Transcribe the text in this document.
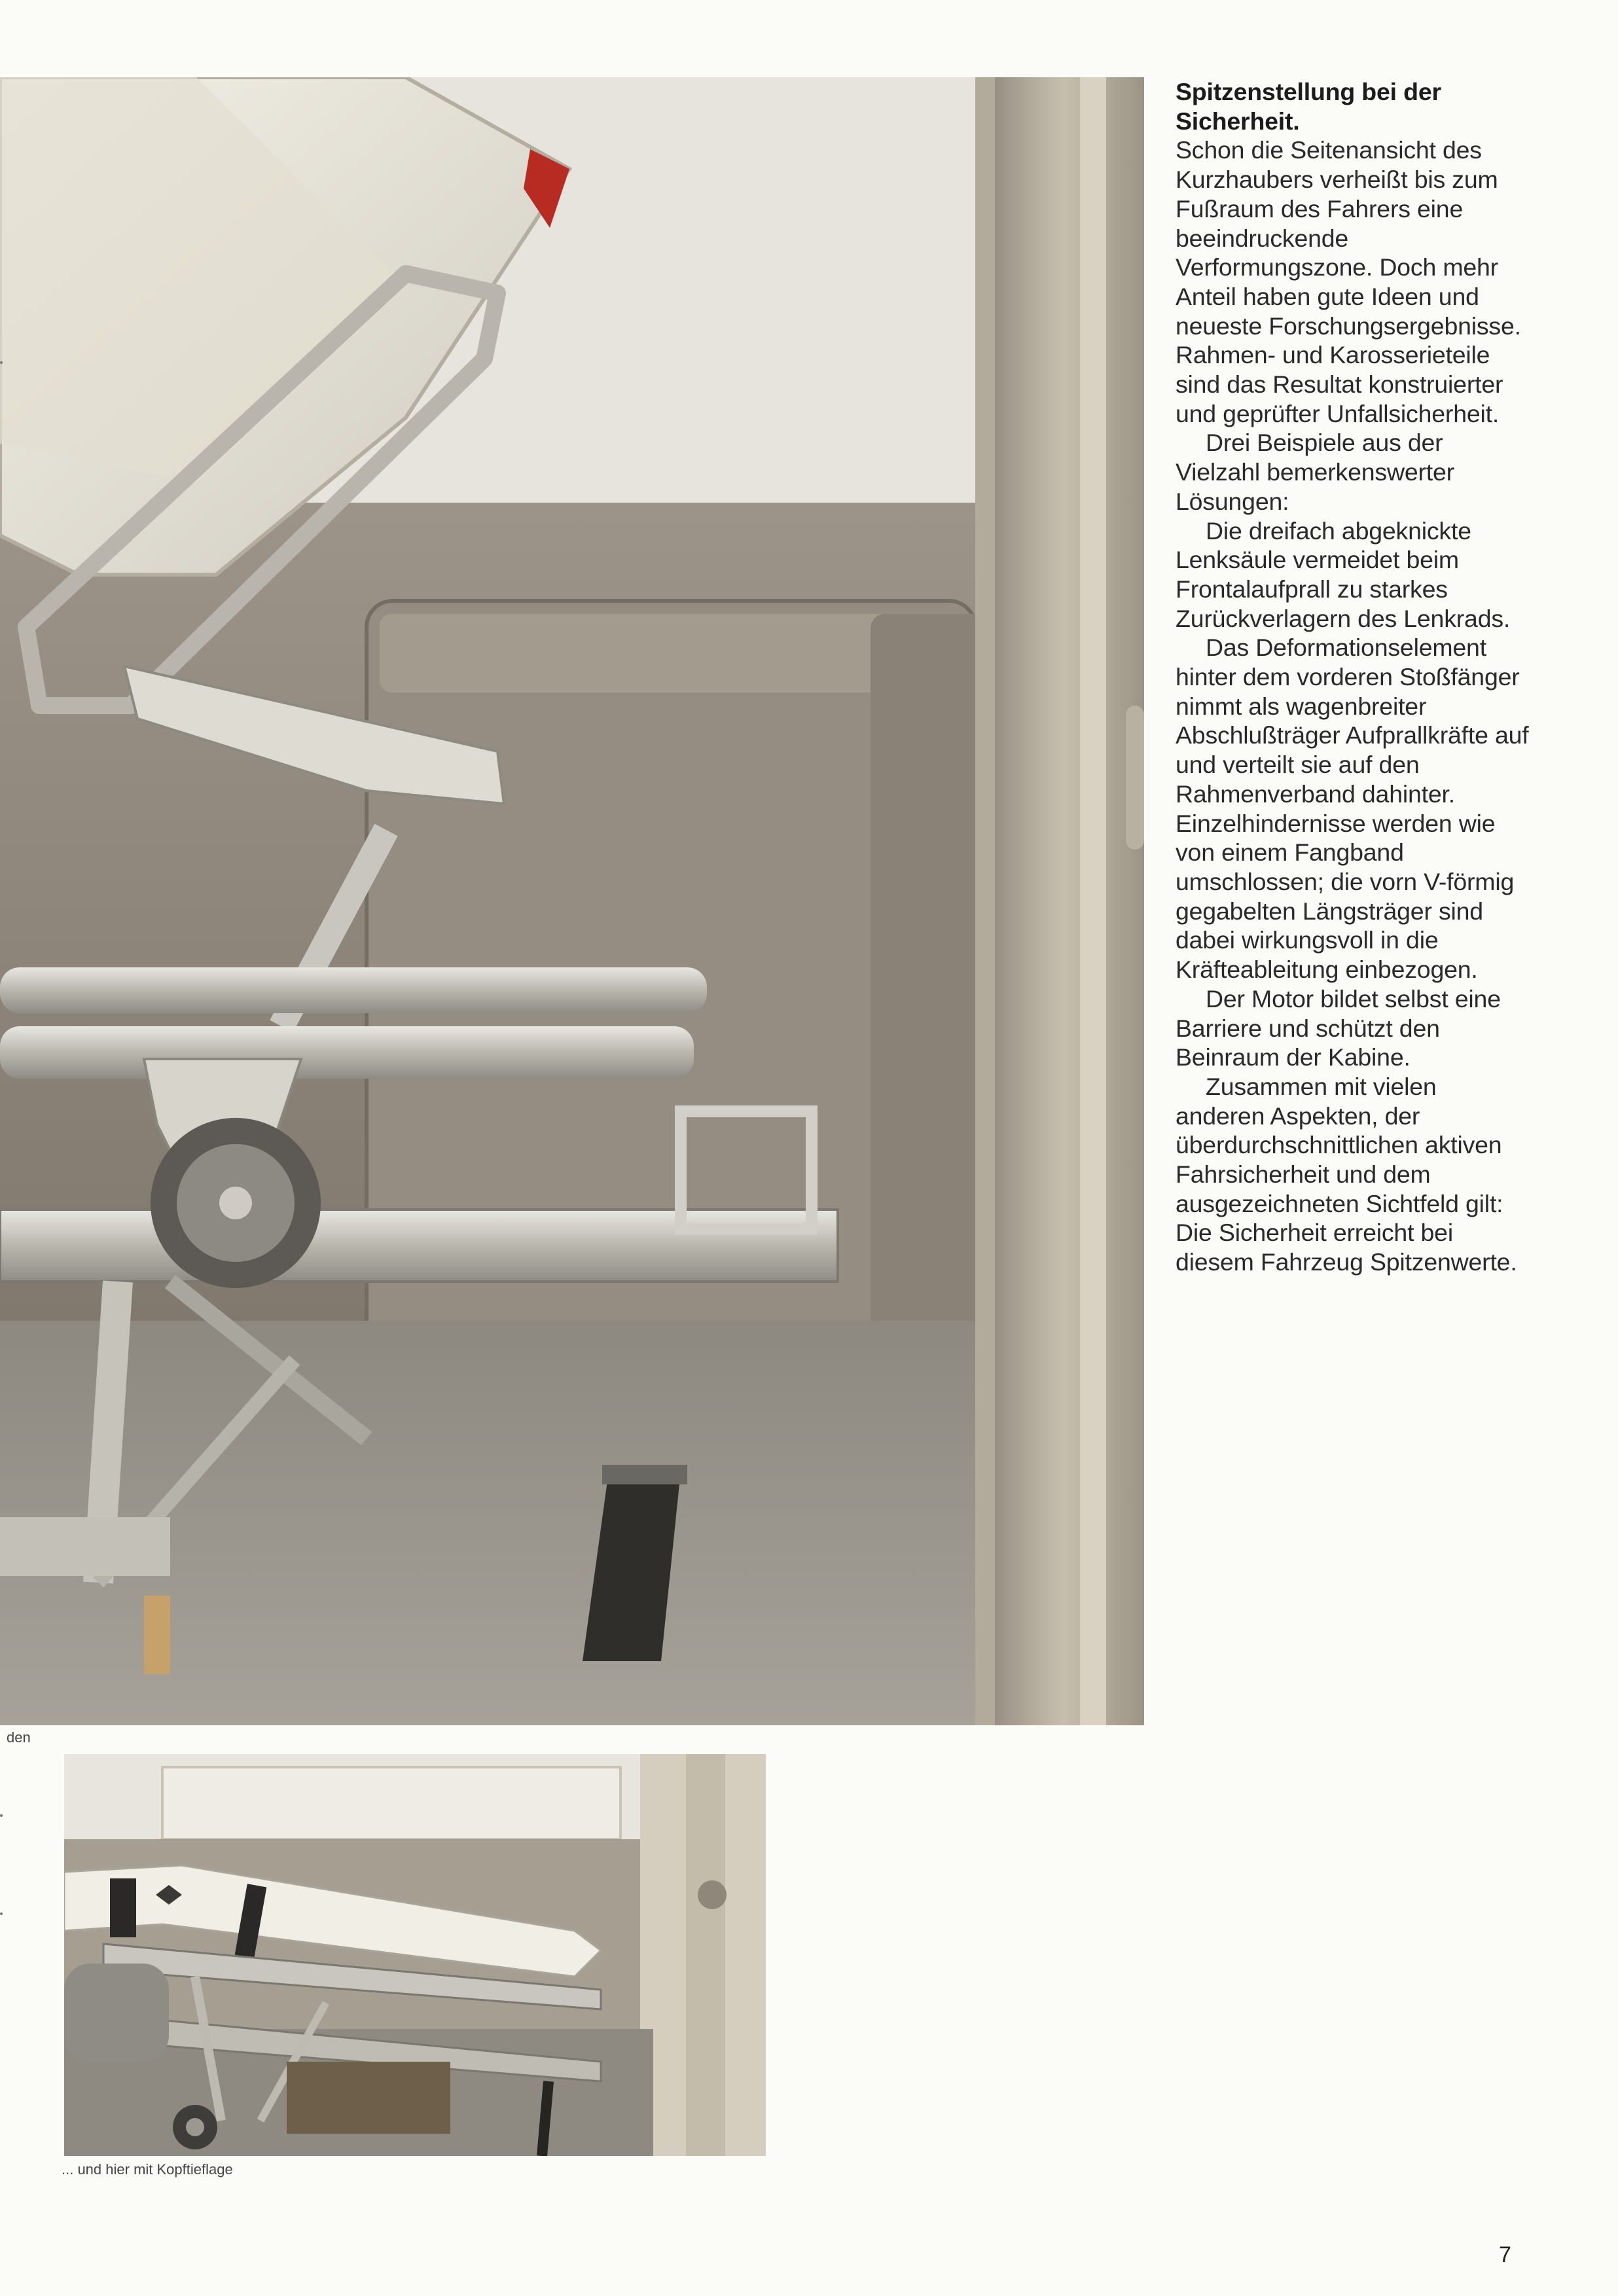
Spitzenstellung bei der Sicherheit.

Schon die Seitenansicht des Kurzhaubers verheißt bis zum Fußraum des Fahrers eine beeindruckende Verformungszone. Doch mehr Anteil haben gute Ideen und neueste Forschungsergebnisse. Rahmen- und Karosserieteile sind das Resultat konstruierter und geprüfter Unfallsicherheit.

Drei Beispiele aus der Vielzahl bemerkenswerter Lösungen:

Die dreifach abgeknickte Lenksäule vermeidet beim Frontalaufprall zu starkes Zurückverlagern des Lenkrads.

Das Deformationselement hinter dem vorderen Stoßfänger nimmt als wagenbreiter Abschlußträger Aufprallkräfte auf und verteilt sie auf den Rahmenverband dahinter. Einzelhindernisse werden wie von einem Fangband umschlossen; die vorn V-förmig gegabelten Längsträger sind dabei wirkungsvoll in die Kräfteableitung einbezogen.

Der Motor bildet selbst eine Barriere und schützt den Beinraum der Kabine.

Zusammen mit vielen anderen Aspekten, der überdurchschnittlichen aktiven Fahrsicherheit und dem ausgezeichneten Sichtfeld gilt: Die Sicherheit erreicht bei diesem Fahrzeug Spitzenwerte.

den
... und hier mit Kopftieflage
7
